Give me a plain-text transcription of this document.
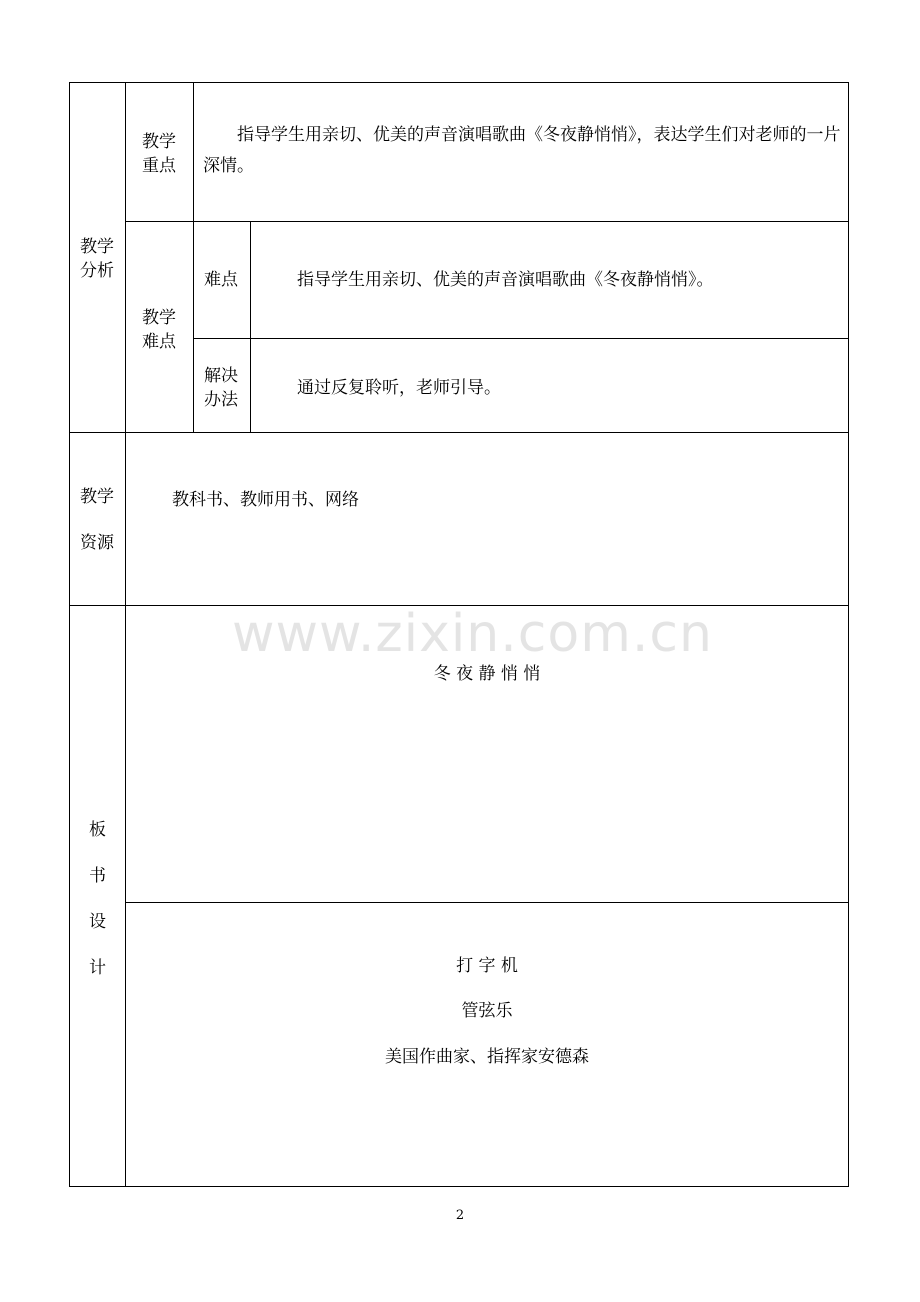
www.zixin.com.cn
教学
分析
教学
重点
指导学生用亲切、优美的声音演唱歌曲《冬夜静悄悄》，表达学生们对老师的一片深情。
教学
难点
难点	指导学生用亲切、优美的声音演唱歌曲《冬夜静悄悄》。
解决
办法
通过反复聆听，老师引导。
教学
资源
教科书、教师用书、网络
板
书
设
计
冬 夜 静 悄 悄
打 字 机
管弦乐
美国作曲家、指挥家安德森
2
